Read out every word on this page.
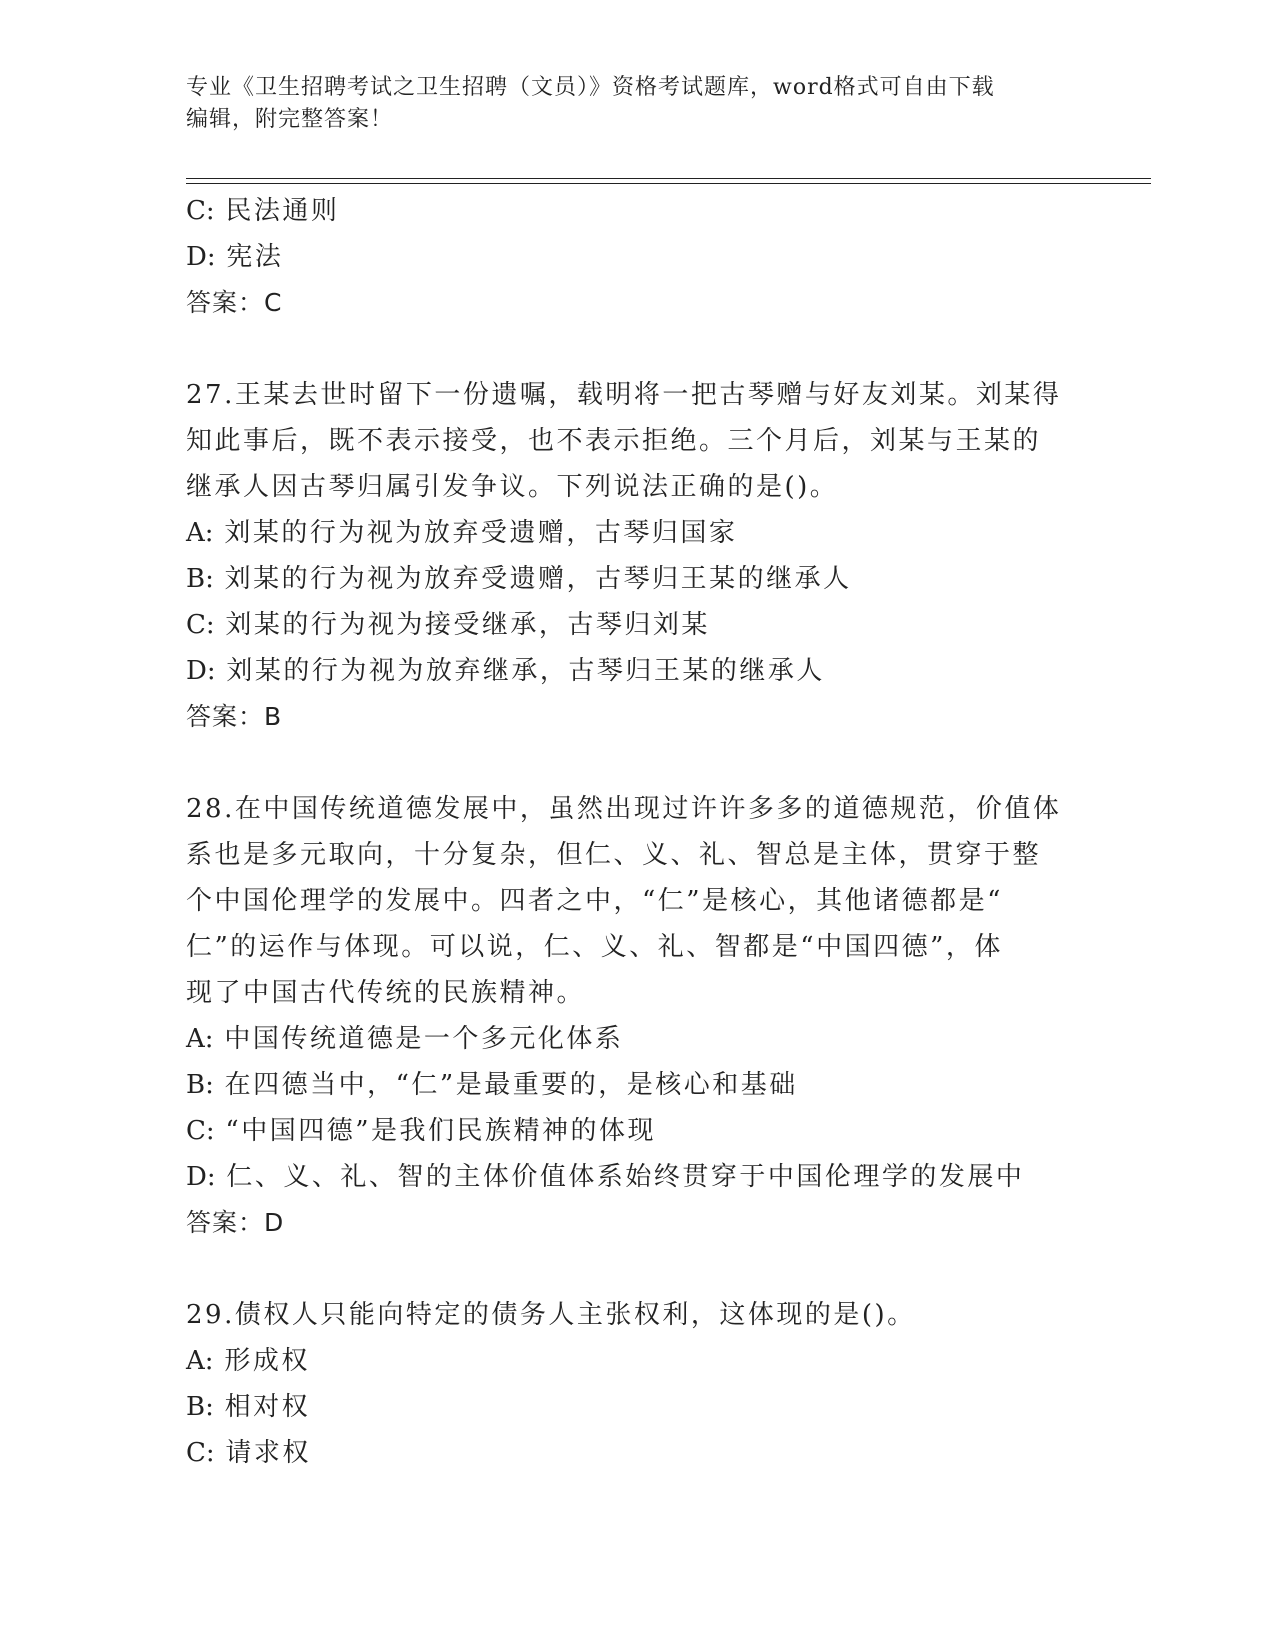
专业《卫生招聘考试之卫生招聘（文员）》资格考试题库，word格式可自由下载
编辑，附完整答案！
C: 民法通则
D: 宪法
答案：C
27.王某去世时留下一份遗嘱，载明将一把古琴赠与好友刘某。刘某得
知此事后，既不表示接受，也不表示拒绝。三个月后，刘某与王某的
继承人因古琴归属引发争议。下列说法正确的是()。
A: 刘某的行为视为放弃受遗赠，古琴归国家
B: 刘某的行为视为放弃受遗赠，古琴归王某的继承人
C: 刘某的行为视为接受继承，古琴归刘某
D: 刘某的行为视为放弃继承，古琴归王某的继承人
答案：B
28.在中国传统道德发展中，虽然出现过许许多多的道德规范，价值体
系也是多元取向，十分复杂，但仁、义、礼、智总是主体，贯穿于整
个中国伦理学的发展中。四者之中，“仁”是核心，其他诸德都是“
仁”的运作与体现。可以说，仁、义、礼、智都是“中国四德”，体
现了中国古代传统的民族精神。
A: 中国传统道德是一个多元化体系
B: 在四德当中，“仁”是最重要的，是核心和基础
C: “中国四德”是我们民族精神的体现
D: 仁、义、礼、智的主体价值体系始终贯穿于中国伦理学的发展中
答案：D
29.债权人只能向特定的债务人主张权利，这体现的是()。
A: 形成权
B: 相对权
C: 请求权
